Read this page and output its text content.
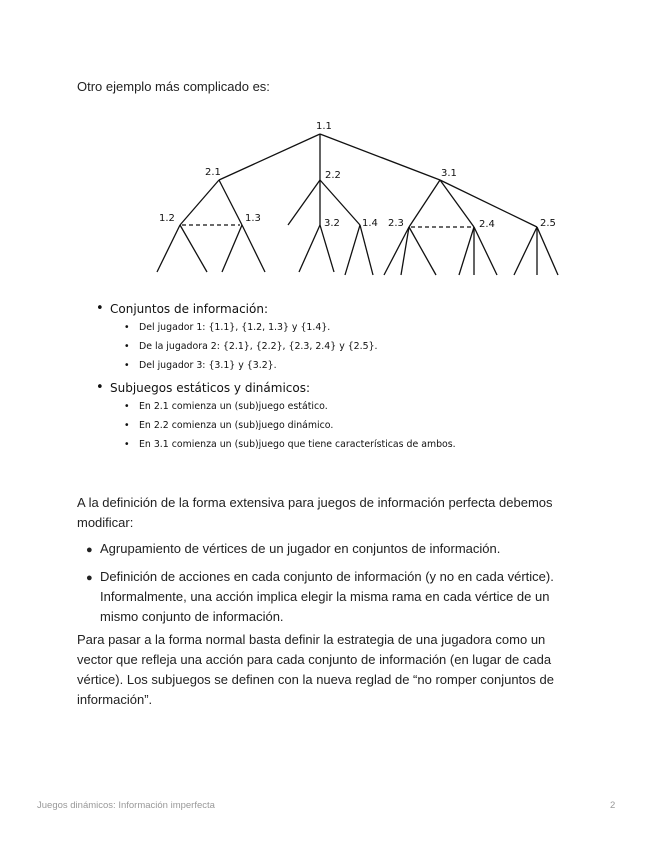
Otro ejemplo más complicado es:
1.1
2.1	2.2	3.1
1.2	1.3	3.2 1.4 2.3	2.4	2.5

• Conjuntos de información:

• Del jugador 1: {1.1}, {1.2, 1.3} y {1.4}.

• De la jugadora 2: {2.1}, {2.2}, {2.3, 2.4} y {2.5}.

• Del jugador 3: {3.1} y {3.2}.

• Subjuegos estáticos y dinámicos:

• En 2.1 comienza un (sub)juego estático.

• En 2.2 comienza un (sub)juego dinámico.

• En 3.1 comienza un (sub)juego que tiene características de ambos.

A la definición de la forma extensiva para juegos de información perfecta debemos modificar:

● Agrupamiento de vértices de un jugador en conjuntos de información.

● Definición de acciones en cada conjunto de información (y no en cada vértice). Informalmente, una acción implica elegir la misma rama en cada vértice de un mismo conjunto de información.

Para pasar a la forma normal basta definir la estrategia de una jugadora como un vector que refleja una acción para cada conjunto de información (en lugar de cada vértice). Los subjuegos se definen con la nueva reglad de “no romper conjuntos de información”.

Juegos dinámicos: Información imperfecta	2
